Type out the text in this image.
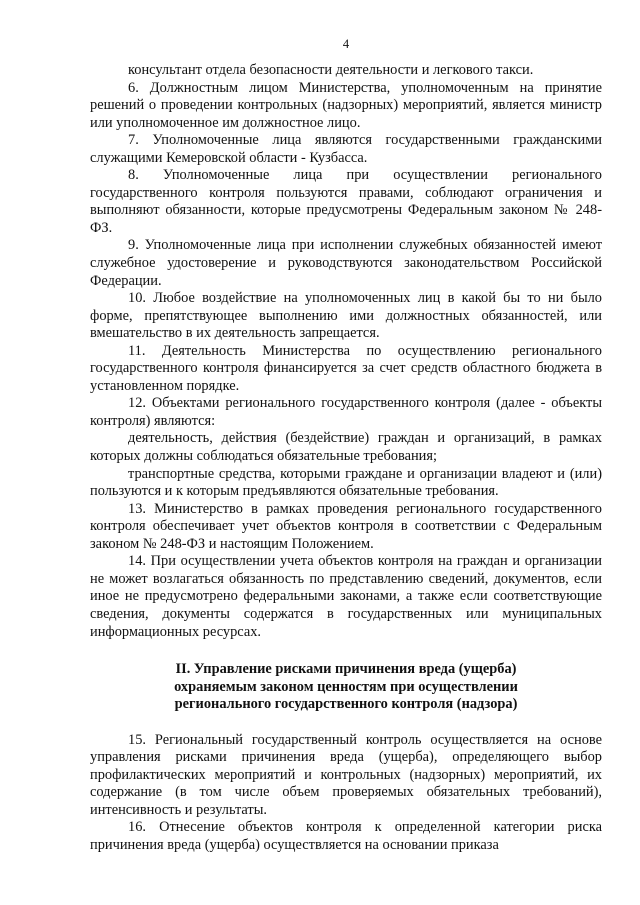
4

консультант отдела безопасности деятельности и легкового такси.

6. Должностным лицом Министерства, уполномоченным на принятие решений о проведении контрольных (надзорных) мероприятий, является министр или уполномоченное им должностное лицо.

7. Уполномоченные лица являются государственными гражданскими служащими Кемеровской области - Кузбасса.

8. Уполномоченные лица при осуществлении регионального государственного контроля пользуются правами, соблюдают ограничения и выполняют обязанности, которые предусмотрены Федеральным законом № 248-ФЗ.

9. Уполномоченные лица при исполнении служебных обязанностей имеют служебное удостоверение и руководствуются законодательством Российской Федерации.

10. Любое воздействие на уполномоченных лиц в какой бы то ни было форме, препятствующее выполнению ими должностных обязанностей, или вмешательство в их деятельность запрещается.

11. Деятельность Министерства по осуществлению регионального государственного контроля финансируется за счет средств областного бюджета в установленном порядке.

12. Объектами регионального государственного контроля (далее - объекты контроля) являются:

деятельность, действия (бездействие) граждан и организаций, в рамках которых должны соблюдаться обязательные требования;

транспортные средства, которыми граждане и организации владеют и (или) пользуются и к которым предъявляются обязательные требования.

13. Министерство в рамках проведения регионального государственного контроля обеспечивает учет объектов контроля в соответствии с Федеральным законом № 248-ФЗ и настоящим Положением.

14. При осуществлении учета объектов контроля на граждан и организации не может возлагаться обязанность по представлению сведений, документов, если иное не предусмотрено федеральными законами, а также если соответствующие сведения, документы содержатся в государственных или муниципальных информационных ресурсах.

II. Управление рисками причинения вреда (ущерба)
охраняемым законом ценностям при осуществлении
регионального государственного контроля (надзора)

15. Региональный государственный контроль осуществляется на основе управления рисками причинения вреда (ущерба), определяющего выбор профилактических мероприятий и контрольных (надзорных) мероприятий, их содержание (в том числе объем проверяемых обязательных требований), интенсивность и результаты.

16. Отнесение объектов контроля к определенной категории риска причинения вреда (ущерба) осуществляется на основании приказа
